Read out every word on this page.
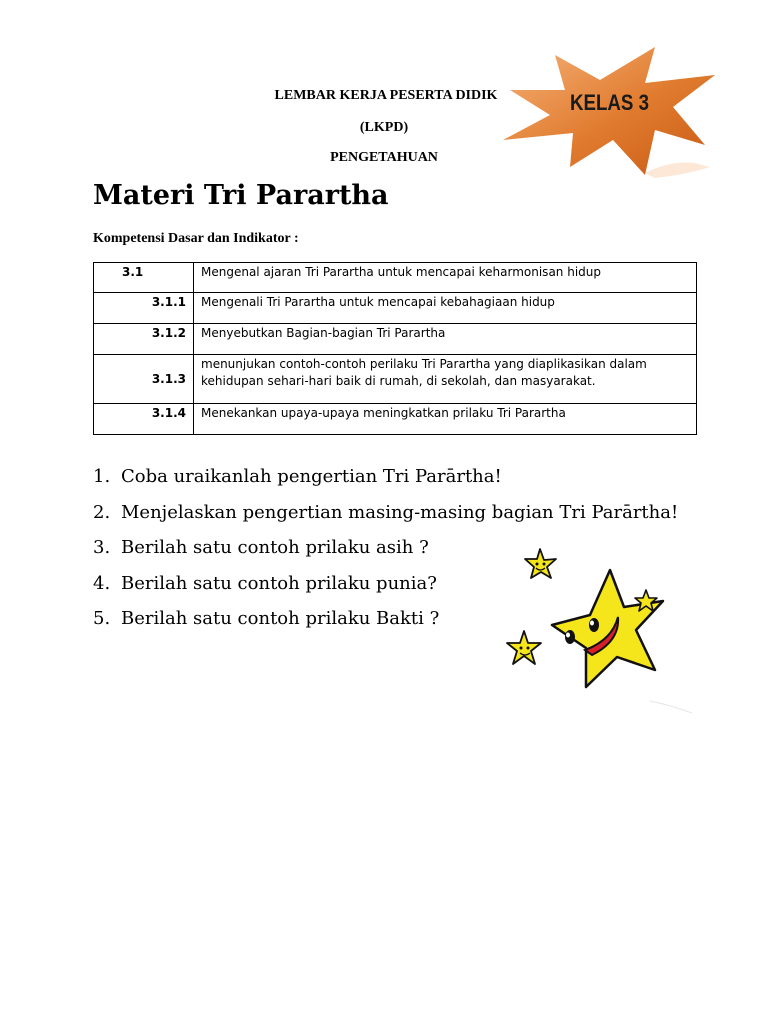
LEMBAR KERJA PESERTA DIDIK
(LKPD)
PENGETAHUAN
KELAS 3
Materi Tri Parartha
Kompetensi Dasar dan Indikator :
3.1	Mengenal ajaran Tri Parartha untuk mencapai keharmonisan hidup
3.1.1	Mengenali Tri Parartha untuk mencapai kebahagiaan hidup
3.1.2	Menyebutkan Bagian-bagian Tri Parartha
3.1.3	menunjukan contoh-contoh perilaku Tri Parartha yang diaplikasikan dalam kehidupan sehari-hari baik di rumah, di sekolah, dan masyarakat.
3.1.4	Menekankan upaya-upaya meningkatkan prilaku Tri Parartha
1. Coba uraikanlah pengertian Tri Parārtha!
2. Menjelaskan pengertian masing-masing bagian Tri Parārtha!
3. Berilah satu contoh prilaku asih ?
4. Berilah satu contoh prilaku punia?
5. Berilah satu contoh prilaku Bakti ?
